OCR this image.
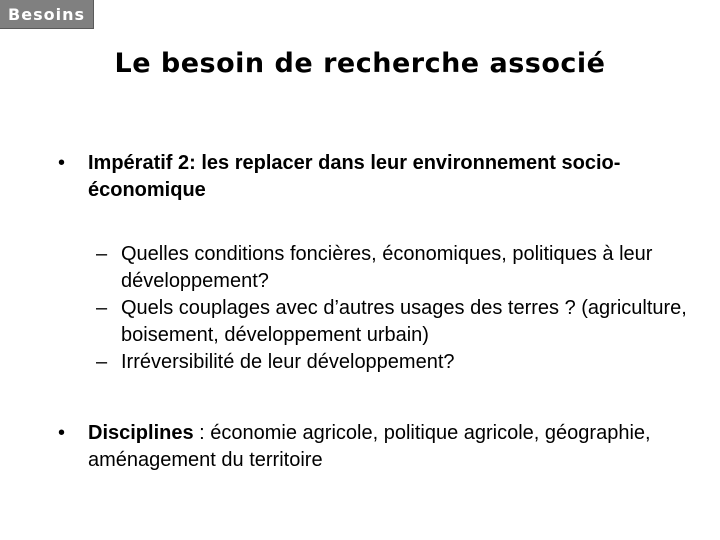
Besoins
Le besoin de recherche associé
•	Impératif 2: les replacer dans leur environnement socio-économique
– Quelles conditions foncières, économiques, politiques à leur développement?
– Quels couplages avec d’autres usages des terres ? (agriculture, boisement, développement urbain)
– Irréversibilité de leur développement?
•	Disciplines : économie agricole, politique agricole, géographie, aménagement du territoire
